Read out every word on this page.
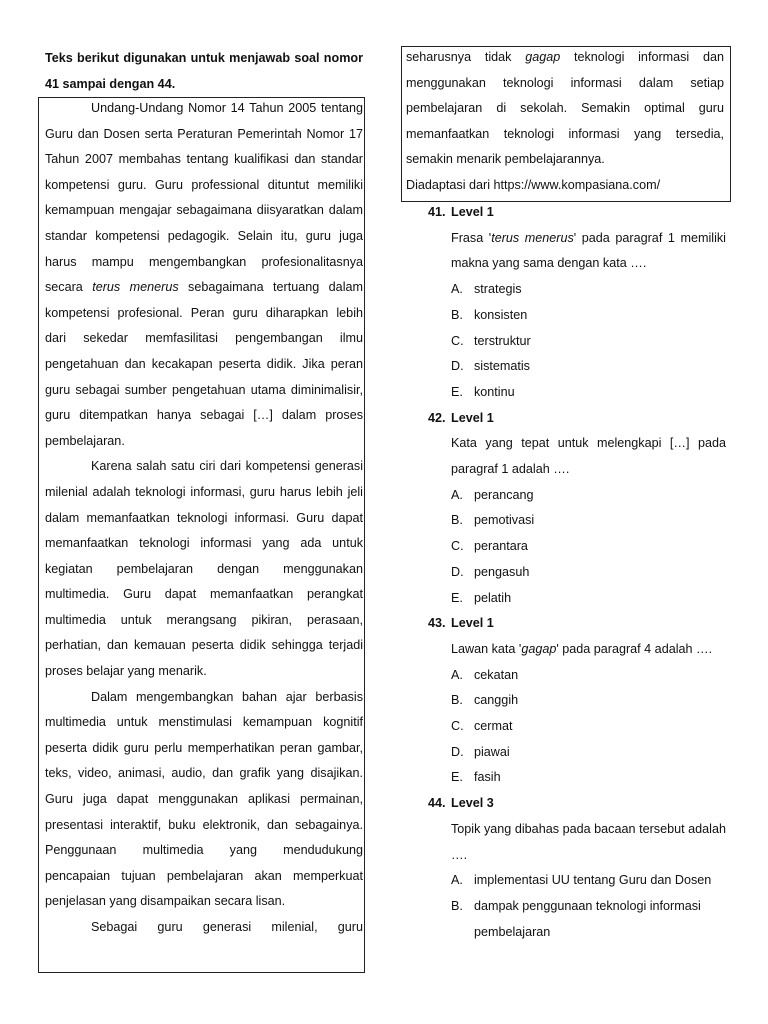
Teks berikut digunakan untuk menjawab soal nomor 41 sampai dengan 44.

Undang-Undang Nomor 14 Tahun 2005 tentang Guru dan Dosen serta Peraturan Pemerintah Nomor 17 Tahun 2007 membahas tentang kualifikasi dan standar kompetensi guru. Guru professional dituntut memiliki kemampuan mengajar sebagaimana diisyaratkan dalam standar kompetensi pedagogik. Selain itu, guru juga harus mampu mengembangkan profesionalitasnya secara terus menerus sebagaimana tertuang dalam kompetensi profesional. Peran guru diharapkan lebih dari sekedar memfasilitasi pengembangan ilmu pengetahuan dan kecakapan peserta didik. Jika peran guru sebagai sumber pengetahuan utama diminimalisir, guru ditempatkan hanya sebagai […] dalam proses pembelajaran.

Karena salah satu ciri dari kompetensi generasi milenial adalah teknologi informasi, guru harus lebih jeli dalam memanfaatkan teknologi informasi. Guru dapat memanfaatkan teknologi informasi yang ada untuk kegiatan pembelajaran dengan menggunakan multimedia. Guru dapat memanfaatkan perangkat multimedia untuk merangsang pikiran, perasaan, perhatian, dan kemauan peserta didik sehingga terjadi proses belajar yang menarik.

Dalam mengembangkan bahan ajar berbasis multimedia untuk menstimulasi kemampuan kognitif peserta didik guru perlu memperhatikan peran gambar, teks, video, animasi, audio, dan grafik yang disajikan. Guru juga dapat menggunakan aplikasi permainan, presentasi interaktif, buku elektronik, dan sebagainya. Penggunaan multimedia yang mendudukung pencapaian tujuan pembelajaran akan memperkuat penjelasan yang disampaikan secara lisan.

Sebagai guru generasi milenial, guru

seharusnya tidak gagap teknologi informasi dan menggunakan teknologi informasi dalam setiap pembelajaran di sekolah. Semakin optimal guru memanfaatkan teknologi informasi yang tersedia, semakin menarik pembelajarannya.

Diadaptasi dari https://www.kompasiana.com/

41. Level 1
Frasa 'terus menerus' pada paragraf 1 memiliki makna yang sama dengan kata ….
A. strategis
B. konsisten
C. terstruktur
D. sistematis
E. kontinu
42. Level 1
Kata yang tepat untuk melengkapi […] pada paragraf 1 adalah ….
A. perancang
B. pemotivasi
C. perantara
D. pengasuh
E. pelatih
43. Level 1
Lawan kata 'gagap' pada paragraf 4 adalah ….
A. cekatan
B. canggih
C. cermat
D. piawai
E. fasih
44. Level 3
Topik yang dibahas pada bacaan tersebut adalah ….
A. implementasi UU tentang Guru dan Dosen
B. dampak penggunaan teknologi informasi pembelajaran
